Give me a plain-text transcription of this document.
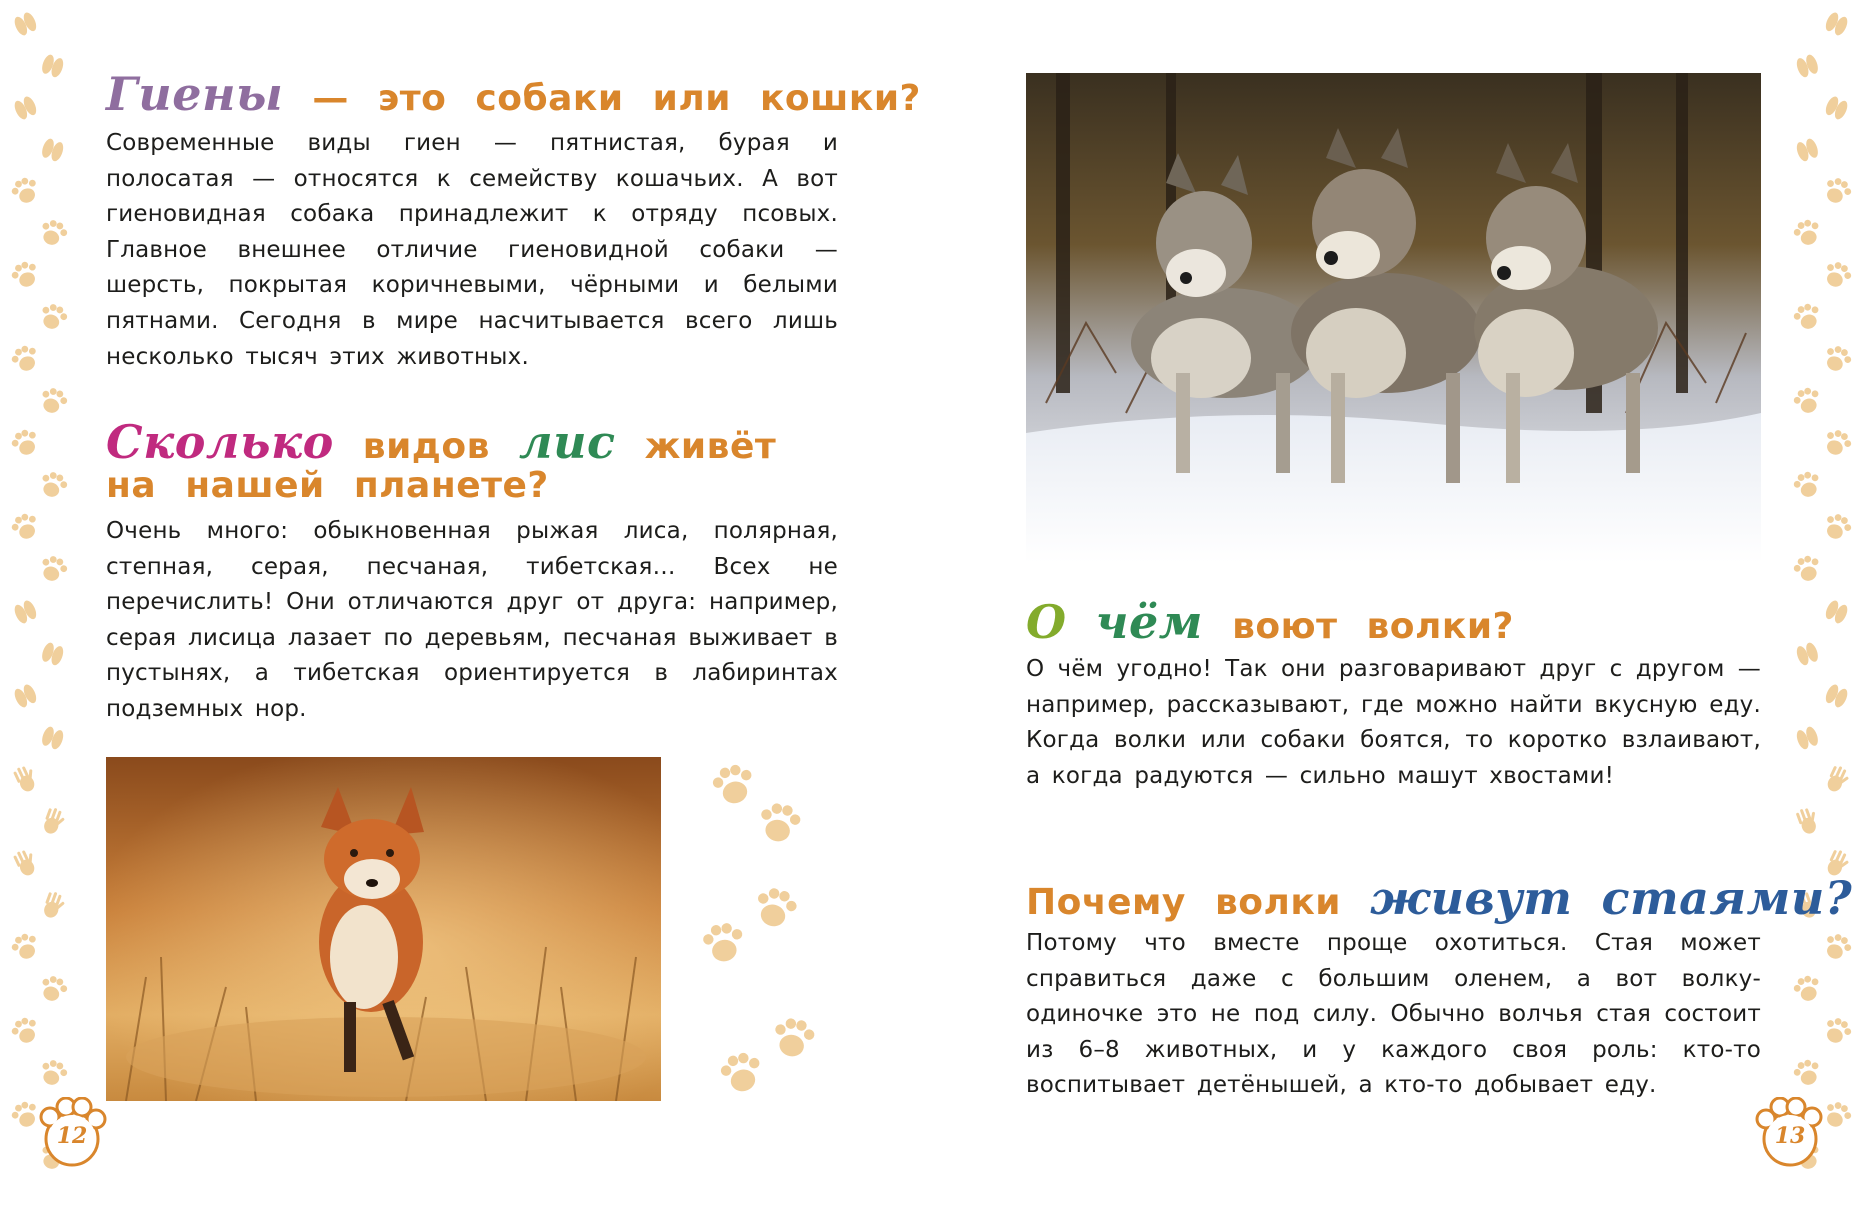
Гиены — это собаки или кошки?

Современные виды гиен — пятнистая, бурая и полосатая — относятся к семейству кошачьих. А вот гиеновидная собака принадлежит к отряду псовых. Главное внешнее отличие гиеновидной собаки — шерсть, покрытая коричневыми, чёрными и белыми пятнами. Сегодня в мире насчитывается всего лишь несколько тысяч этих животных.

Сколько видов лис живёт
на нашей планете?

Очень много: обыкновенная рыжая лиса, полярная, степная, серая, песчаная, тибетская… Всех не перечислить! Они отличаются друг от друга: например, серая лисица лазает по деревьям, песчаная выживает в пустынях, а тибетская ориентируется в лабиринтах подземных нор.

12
О чём воют волки?

О чём угодно! Так они разговаривают друг с другом — например, рассказывают, где можно найти вкусную еду. Когда волки или собаки боятся, то коротко взлаивают, а когда радуются — сильно машут хвостами!

Почему волки живут стаями?

Потому что вместе проще охотиться. Стая может справиться даже с большим оленем, а вот волку-одиночке это не под силу. Обычно волчья стая состоит из 6–8 животных, и у каждого своя роль: кто-то воспитывает детёнышей, а кто-то добывает еду.

13
